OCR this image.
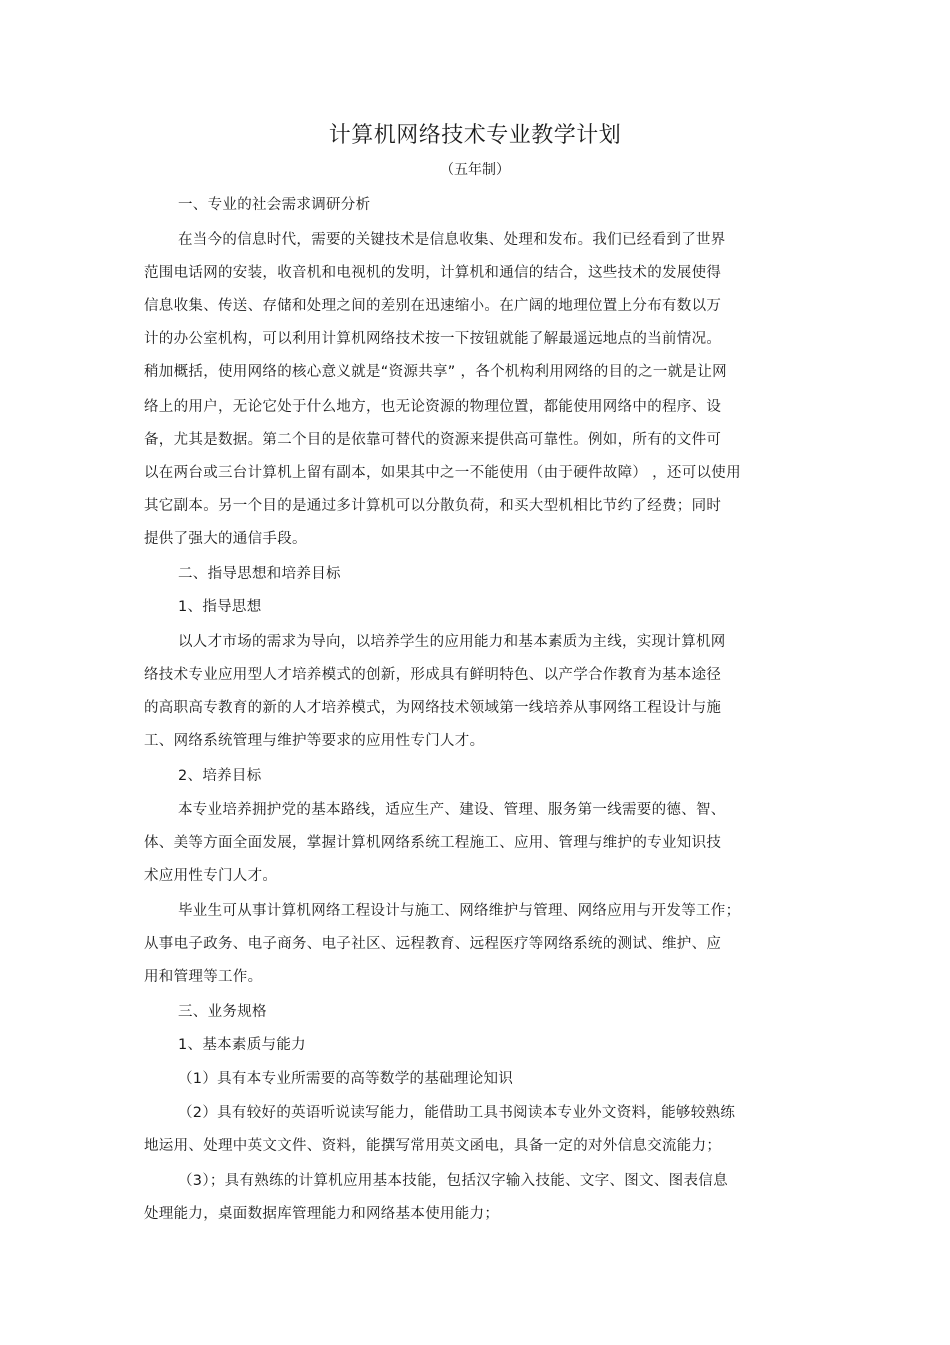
计算机网络技术专业教学计划
（五年制）
一、专业的社会需求调研分析
在当今的信息时代，需要的关键技术是信息收集、处理和发布。我们已经看到了世界
范围电话网的安装，收音机和电视机的发明，计算机和通信的结合，这些技术的发展使得
信息收集、传送、存储和处理之间的差别在迅速缩小。在广阔的地理位置上分布有数以万
计的办公室机构，可以利用计算机网络技术按一下按钮就能了解最遥远地点的当前情况。
稍加概括，使用网络的核心意义就是“资源共享” ，各个机构利用网络的目的之一就是让网
络上的用户，无论它处于什么地方，也无论资源的物理位置，都能使用网络中的程序、设
备，尤其是数据。第二个目的是依靠可替代的资源来提供高可靠性。例如，所有的文件可
以在两台或三台计算机上留有副本，如果其中之一不能使用（由于硬件故障） ，还可以使用
其它副本。另一个目的是通过多计算机可以分散负荷，和买大型机相比节约了经费；同时
提供了强大的通信手段。
二、指导思想和培养目标
1、指导思想
以人才市场的需求为导向，以培养学生的应用能力和基本素质为主线，实现计算机网
络技术专业应用型人才培养模式的创新，形成具有鲜明特色、以产学合作教育为基本途径
的高职高专教育的新的人才培养模式，为网络技术领域第一线培养从事网络工程设计与施
工、网络系统管理与维护等要求的应用性专门人才。
2、培养目标
本专业培养拥护党的基本路线，适应生产、建设、管理、服务第一线需要的德、智、
体、美等方面全面发展，掌握计算机网络系统工程施工、应用、管理与维护的专业知识技
术应用性专门人才。
毕业生可从事计算机网络工程设计与施工、网络维护与管理、网络应用与开发等工作；
从事电子政务、电子商务、电子社区、远程教育、远程医疗等网络系统的测试、维护、应
用和管理等工作。
三、业务规格
1、基本素质与能力
（1）具有本专业所需要的高等数学的基础理论知识
（2）具有较好的英语听说读写能力，能借助工具书阅读本专业外文资料，能够较熟练
地运用、处理中英文文件、资料，能撰写常用英文函电，具备一定的对外信息交流能力；
（3）；具有熟练的计算机应用基本技能，包括汉字输入技能、文字、图文、图表信息
处理能力，桌面数据库管理能力和网络基本使用能力；
